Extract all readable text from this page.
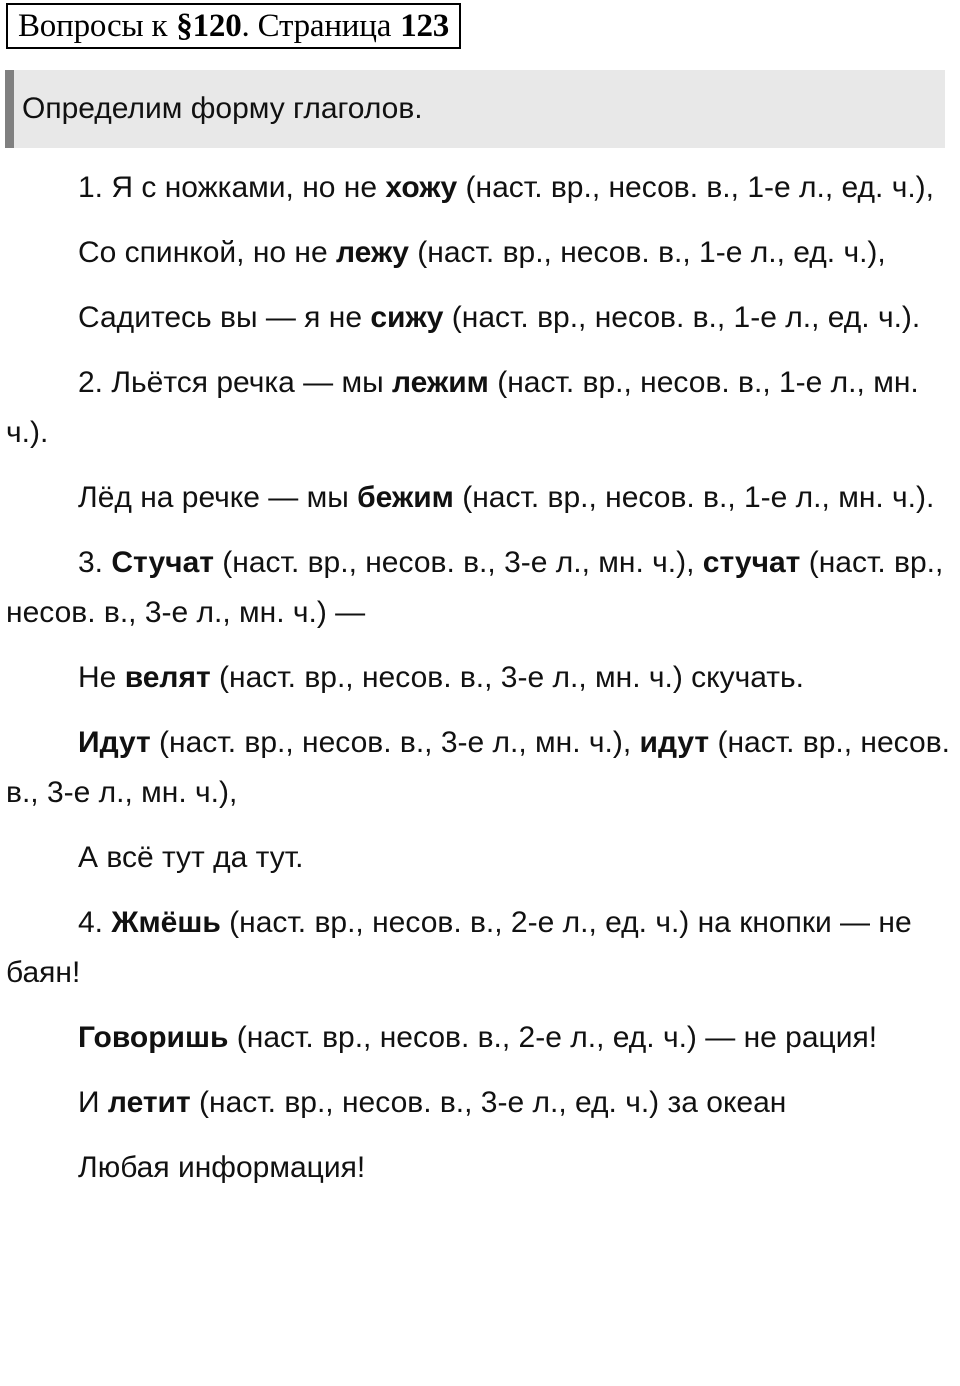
Вопросы к §120 . Страница 123
Определим форму глаголов.

1. Я с ножками, но не хожу (наст. вр., несов. в., 1-е л., ед. ч.),

Со спинкой, но не лежу (наст. вр., несов. в., 1-е л., ед. ч.),

Садитесь вы — я не сижу (наст. вр., несов. в., 1-е л., ед. ч.).

2. Льётся речка — мы лежим (наст. вр., несов. в., 1-е л., мн. ч.).

Лёд на речке — мы бежим (наст. вр., несов. в., 1-е л., мн. ч.).

3. Стучат (наст. вр., несов. в., 3-е л., мн. ч.), стучат (наст. вр., несов. в., 3-е л., мн. ч.) —

Не велят (наст. вр., несов. в., 3-е л., мн. ч.) скучать.

Идут (наст. вр., несов. в., 3-е л., мн. ч.), идут (наст. вр., несов. в., 3-е л., мн. ч.),

А всё тут да тут.

4. Жмёшь (наст. вр., несов. в., 2-е л., ед. ч.) на кнопки — не баян!

Говоришь (наст. вр., несов. в., 2-е л., ед. ч.) — не рация!

И летит (наст. вр., несов. в., 3-е л., ед. ч.) за океан

Любая информация!
